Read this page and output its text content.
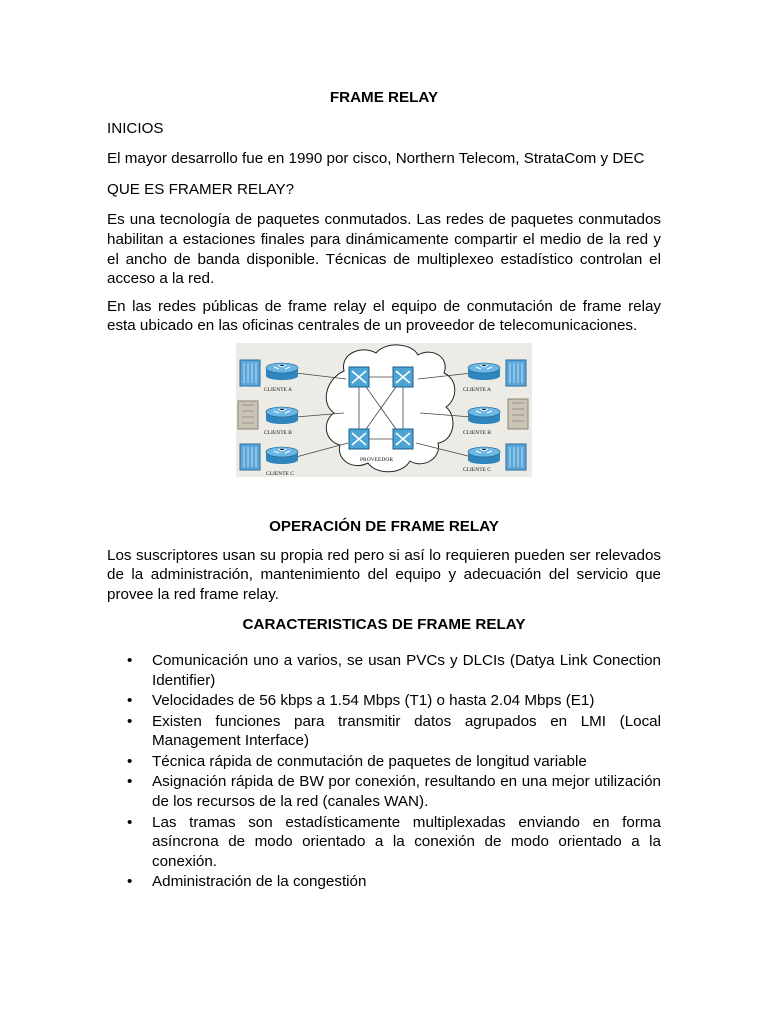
FRAME RELAY

INICIOS

El mayor desarrollo fue en 1990 por cisco, Northern Telecom, StrataCom y DEC

QUE ES FRAMER RELAY?

Es una tecnología de paquetes conmutados. Las redes de paquetes conmutados habilitan a estaciones finales para dinámicamente compartir el medio de la red y el ancho de banda disponible. Técnicas de multiplexeo estadístico controlan el acceso a la red.

En las redes públicas de frame relay el equipo de conmutación de frame relay esta ubicado en las oficinas centrales de un proveedor de telecomunicaciones.

CLIENTE A
CLIENTE B
CLIENTE C
CLIENTE A
CLIENTE B
CLIENTE C
PROVEEDOR

OPERACIÓN DE FRAME RELAY

Los suscriptores usan su propia red pero si así lo requieren pueden ser relevados de la administración, mantenimiento del equipo y adecuación del servicio que provee la red frame relay.

CARACTERISTICAS DE FRAME RELAY

• Comunicación uno a varios, se usan PVCs y DLCIs (Datya Link Conection Identifier)
• Velocidades de 56 kbps a 1.54 Mbps (T1) o hasta 2.04 Mbps (E1)
• Existen funciones para transmitir datos agrupados en LMI (Local Management Interface)
• Técnica rápida de conmutación de paquetes de longitud variable
• Asignación rápida de BW por conexión, resultando en una mejor utilización de los recursos de la red (canales WAN).
• Las tramas son estadísticamente multiplexadas enviando en forma asíncrona de modo orientado a la conexión de modo orientado a la conexión.
• Administración de la congestión
